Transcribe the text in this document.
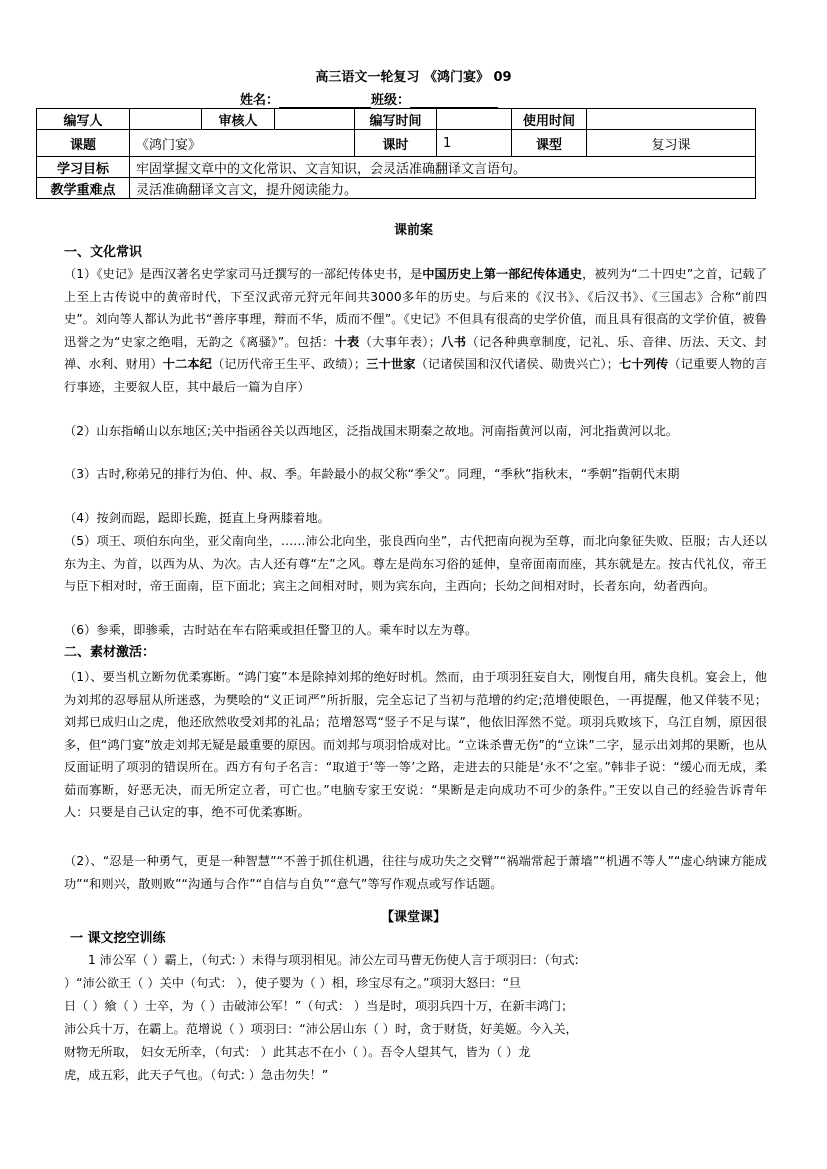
高三语文一轮复习 《鸿门宴》 09
姓名：	班级：
编写人		审核人		编写时间		使用时间	
课题	《鸿门宴》			课时	1	课型	复习课
学习目标	牢固掌握文章中的文化常识、文言知识，会灵活准确翻译文言语句。						
教学重难点	灵活准确翻译文言文，提升阅读能力。						
课前案
一、文化常识
（1）《史记》是西汉著名史学家司马迁撰写的一部纪传体史书，是中国历史上第一部纪传体通史，被列为“二十四史”之首，记载了上至上古传说中的黄帝时代，下至汉武帝元狩元年间共3000多年的历史。与后来的《汉书》、《后汉书》、《三国志》合称“前四史”。刘向等人都认为此书“善序事理，辩而不华，质而不俚”。《史记》不但具有很高的史学价值，而且具有很高的文学价值，被鲁迅誉之为“史家之绝唱，无韵之《离骚》”。包括：十表（大事年表）；八书（记各种典章制度，记礼、乐、音律、历法、天文、封禅、水利、财用）十二本纪（记历代帝王生平、政绩）；三十世家（记诸侯国和汉代诸侯、勋贵兴亡）；七十列传（记重要人物的言行事迹，主要叙人臣，其中最后一篇为自序）
（2）山东指崤山以东地区;关中指函谷关以西地区，泛指战国末期秦之故地。河南指黄河以南，河北指黄河以北。
（3）古时,称弟兄的排行为伯、仲、叔、季。年龄最小的叔父称“季父”。同理，“季秋”指秋末，“季朝”指朝代末期
（4）按剑而跽，跽即长跪，挺直上身两膝着地。
（5）项王、项伯东向坐，亚父南向坐，……沛公北向坐，张良西向坐”，古代把南向视为至尊，而北向象征失败、臣服；古人还以东为主、为首，以西为从、为次。古人还有尊“左”之风。尊左是尚东习俗的延伸，皇帝面南而座，其东就是左。按古代礼仪，帝王与臣下相对时，帝王面南，臣下面北；宾主之间相对时，则为宾东向，主西向；长幼之间相对时，长者东向，幼者西向。
（6）参乘，即骖乘，古时站在车右陪乘或担任警卫的人。乘车时以左为尊。
二、素材激活：
（1）、要当机立断勿优柔寡断。“鸿门宴”本是除掉刘邦的绝好时机。然而，由于项羽狂妄自大，刚愎自用，痛失良机。宴会上，他为刘邦的忍辱屈从所迷惑，为樊哙的“义正词严”所折服，完全忘记了当初与范增的约定;范增使眼色，一再提醒，他又佯装不见；刘邦已成归山之虎，他还欣然收受刘邦的礼品；范增怒骂“竖子不足与谋”，他依旧浑然不觉。项羽兵败垓下，乌江自刎，原因很多，但“鸿门宴”放走刘邦无疑是最重要的原因。而刘邦与项羽恰成对比。“立诛杀曹无伤”的“立诛”二字，显示出刘邦的果断，也从反面证明了项羽的错误所在。西方有句子名言：“取道于‘等一等’之路，走进去的只能是‘永不’之室。”韩非子说：“缓心而无成，柔茹而寡断，好恶无决，而无所定立者，可亡也。”电脑专家王安说：“果断是走向成功不可少的条件。”王安以自己的经验告诉青年人：只要是自己认定的事，绝不可优柔寡断。
（2）、“忍是一种勇气，更是一种智慧”“不善于抓住机遇，往往与成功失之交臂”“祸端常起于萧墙”“机遇不等人”“虚心纳谏方能成功”“和则兴，散则败”“沟通与合作”“自信与自负”“意气”等写作观点或写作话题。
【课堂课】
一 课文挖空训练
1 沛公军（ ）霸上，（句式: ）未得与项羽相见。沛公左司马曹无伤使人言于项羽曰：（句式:
）“沛公欲王（ ）关中（句式： ），使子婴为（ ）相，珍宝尽有之。”项羽大怒曰：“旦
日（ ）飨（ ）士卒，为（ ）击破沛公军！”（句式： ）当是时，项羽兵四十万，在新丰鸿门；
沛公兵十万，在霸上。范增说（ ）项羽曰：“沛公居山东（ ）时，贪于财货，好美姬。今入关，
财物无所取， 妇女无所幸，（句式： ）此其志不在小（ ）。吾令人望其气，皆为（ ）龙
虎，成五彩，此天子气也。（句式: ）急击勿失！”
